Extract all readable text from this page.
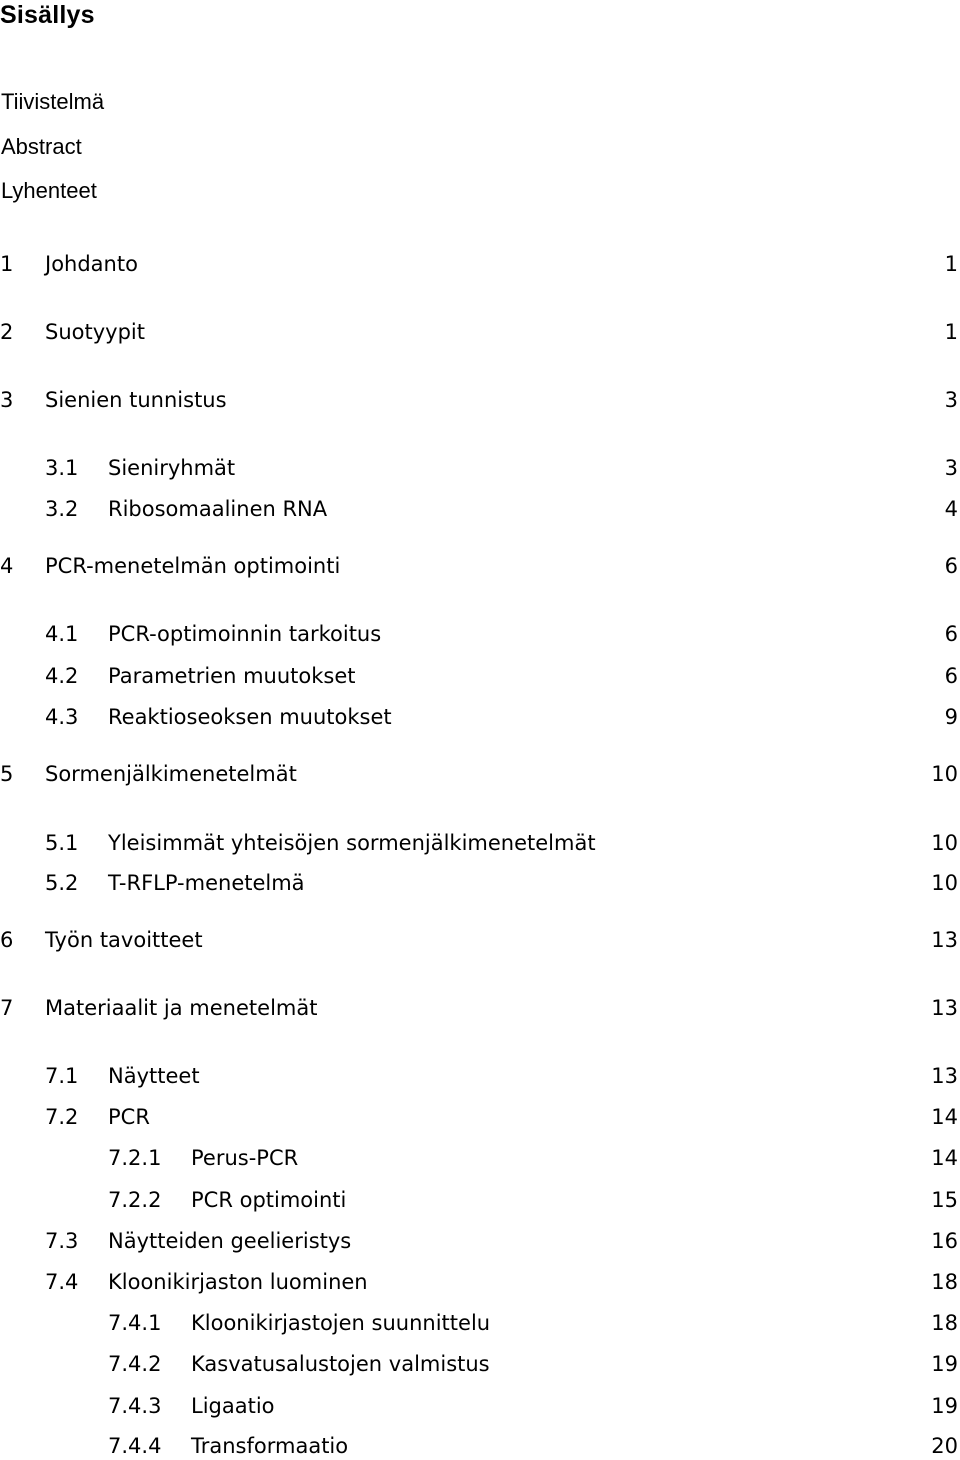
Sisällys
Tiivistelmä
Abstract
Lyhenteet
1 Johdanto	1
2 Suotyypit	1
3 Sienien tunnistus	3
3.1 Sieniryhmät	3
3.2 Ribosomaalinen RNA	4
4 PCR-menetelmän optimointi	6
4.1 PCR-optimoinnin tarkoitus	6
4.2 Parametrien muutokset	6
4.3 Reaktioseoksen muutokset	9
5 Sormenjälkimenetelmät	10
5.1 Yleisimmät yhteisöjen sormenjälkimenetelmät	10
5.2 T-RFLP-menetelmä	10
6 Työn tavoitteet	13
7 Materiaalit ja menetelmät	13
7.1 Näytteet	13
7.2 PCR	14
7.2.1 Perus-PCR	14
7.2.2 PCR optimointi	15
7.3 Näytteiden geelieristys	16
7.4 Kloonikirjaston luominen	18
7.4.1 Kloonikirjastojen suunnittelu	18
7.4.2 Kasvatusalustojen valmistus	19
7.4.3 Ligaatio	19
7.4.4 Transformaatio	20
